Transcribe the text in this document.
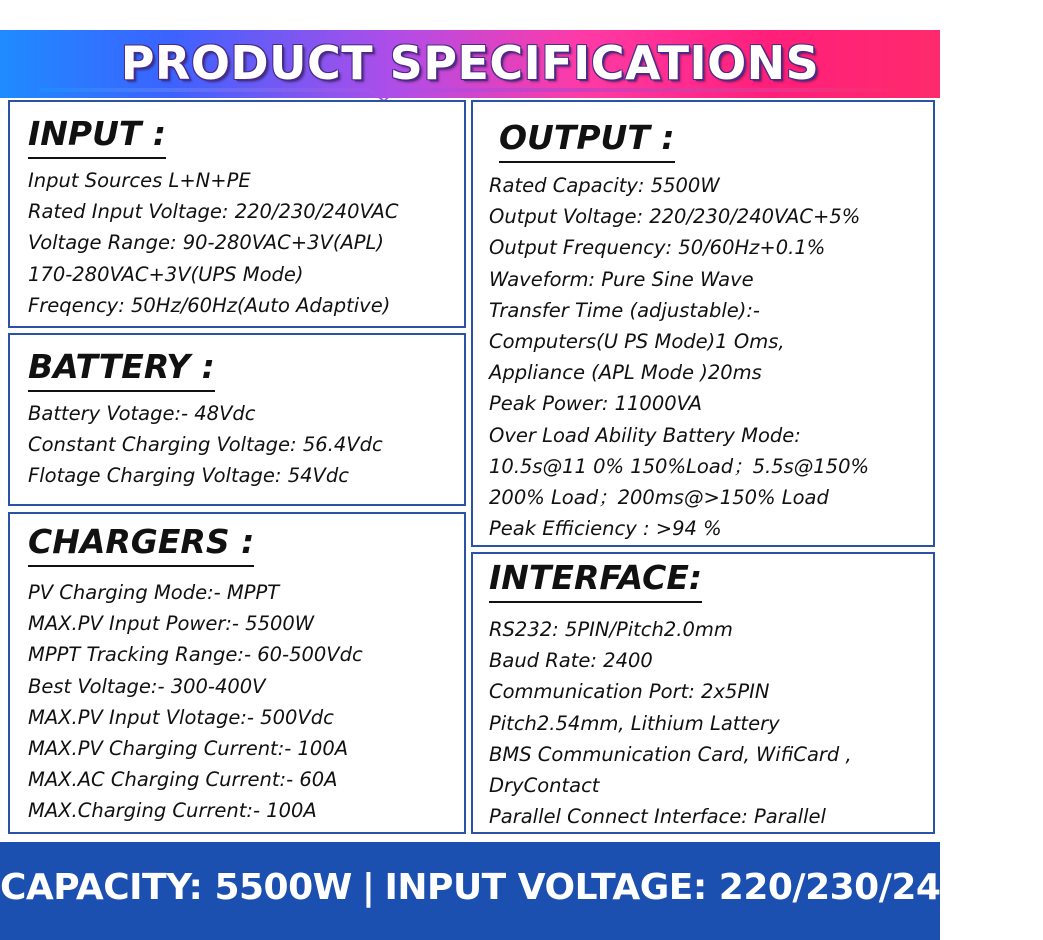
PRODUCT SPECIFICATIONS
INPUT :
Input Sources L+N+PE
Rated Input Voltage: 220/230/240VAC
Voltage Range: 90-280VAC+3V(APL)
170-280VAC+3V(UPS Mode)
Freqency: 50Hz/60Hz(Auto Adaptive)
BATTERY :
Battery Votage:- 48Vdc
Constant Charging Voltage: 56.4Vdc
Flotage Charging Voltage: 54Vdc
CHARGERS :
PV Charging Mode:- MPPT
MAX.PV Input Power:- 5500W
MPPT Tracking Range:- 60-500Vdc
Best Voltage:- 300-400V
MAX.PV Input Vlotage:- 500Vdc
MAX.PV Charging Current:- 100A
MAX.AC Charging Current:- 60A
MAX.Charging Current:- 100A
OUTPUT :
Rated Capacity: 5500W
Output Voltage: 220/230/240VAC+5%
Output Frequency: 50/60Hz+0.1%
Waveform: Pure Sine Wave
Transfer Time (adjustable):-
Computers(U PS Mode)1 Oms,
Appliance (APL Mode )20ms
Peak Power: 11000VA
Over Load Ability Battery Mode:
10.5s@11 0% 150%Load；5.5s@150%
200% Load；200ms@>150% Load
Peak Efficiency : >94 %
INTERFACE:
RS232: 5PIN/Pitch2.0mm
Baud Rate: 2400
Communication Port: 2x5PIN
Pitch2.54mm, Lithium Lattery
BMS Communication Card, WifiCard ,
DryContact
Parallel Connect Interface: Parallel
CAPACITY: 5500W | INPUT VOLTAGE: 220/230/240VAC
